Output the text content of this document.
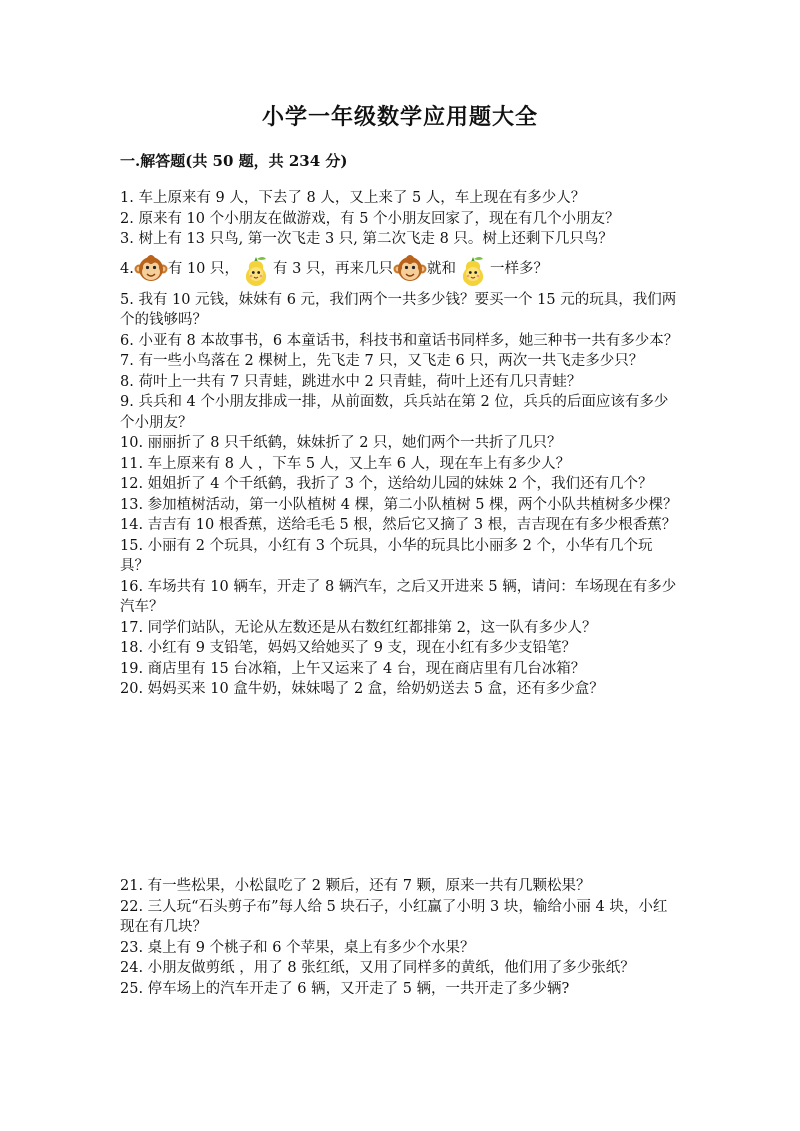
小学一年级数学应用题大全
一.解答题(共 50 题，共 234 分)

1. 车上原来有 9 人，下去了 8 人，又上来了 5 人，车上现在有多少人？

2. 原来有 10 个小朋友在做游戏，有 5 个小朋友回家了，现在有几个小朋友？

3. 树上有 13 只鸟, 第一次飞走 3 只, 第二次飞走 8 只。树上还剩下几只鸟？

4. 有 10 只， 有 3 只，再来几只 就和 一样多？

5. 我有 10 元钱，妹妹有 6 元，我们两个一共多少钱？要买一个 15 元的玩具，我们两个的钱够吗？

6. 小亚有 8 本故事书，6 本童话书，科技书和童话书同样多，她三种书一共有多少本？

7. 有一些小鸟落在 2 棵树上，先飞走 7 只，又飞走 6 只，两次一共飞走多少只？

8. 荷叶上一共有 7 只青蛙，跳进水中 2 只青蛙，荷叶上还有几只青蛙？

9. 兵兵和 4 个小朋友排成一排，从前面数，兵兵站在第 2 位，兵兵的后面应该有多少个小朋友？

10. 丽丽折了 8 只千纸鹤，妹妹折了 2 只，她们两个一共折了几只？

11. 车上原来有 8 人 ，下车 5 人，又上车 6 人，现在车上有多少人？

12. 姐姐折了 4 个千纸鹤，我折了 3 个，送给幼儿园的妹妹 2 个，我们还有几个？

13. 参加植树活动，第一小队植树 4 棵，第二小队植树 5 棵，两个小队共植树多少棵？

14. 吉吉有 10 根香蕉，送给毛毛 5 根，然后它又摘了 3 根，吉吉现在有多少根香蕉？

15. 小丽有 2 个玩具，小红有 3 个玩具，小华的玩具比小丽多 2 个，小华有几个玩具？

16. 车场共有 10 辆车，开走了 8 辆汽车，之后又开进来 5 辆，请问：车场现在有多少汽车？

17. 同学们站队，无论从左数还是从右数红红都排第 2，这一队有多少人？

18. 小红有 9 支铅笔，妈妈又给她买了 9 支，现在小红有多少支铅笔？

19. 商店里有 15 台冰箱，上午又运来了 4 台，现在商店里有几台冰箱？

20. 妈妈买来 10 盒牛奶，妹妹喝了 2 盒，给奶奶送去 5 盒，还有多少盒？

21. 有一些松果，小松鼠吃了 2 颗后，还有 7 颗，原来一共有几颗松果？

22. 三人玩“石头剪子布”每人给 5 块石子，小红赢了小明 3 块，输给小丽 4 块，小红现在有几块？

23. 桌上有 9 个桃子和 6 个苹果，桌上有多少个水果？

24. 小朋友做剪纸 ，用了 8 张红纸，又用了同样多的黄纸，他们用了多少张纸？

25. 停车场上的汽车开走了 6 辆，又开走了 5 辆，一共开走了多少辆?
